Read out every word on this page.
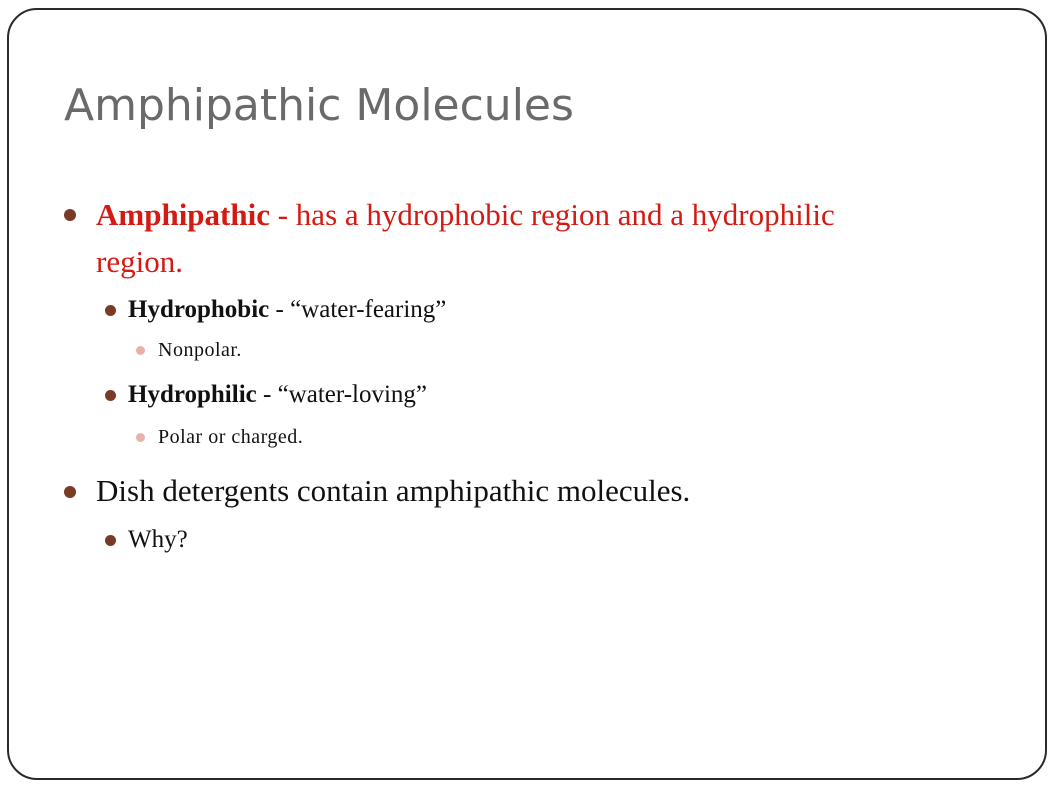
Amphipathic Molecules
Amphipathic - has a hydrophobic region and a hydrophilic
region.
Hydrophobic - “water-fearing”
Nonpolar.
Hydrophilic - “water-loving”
Polar or charged.
Dish detergents contain amphipathic molecules.
Why?
